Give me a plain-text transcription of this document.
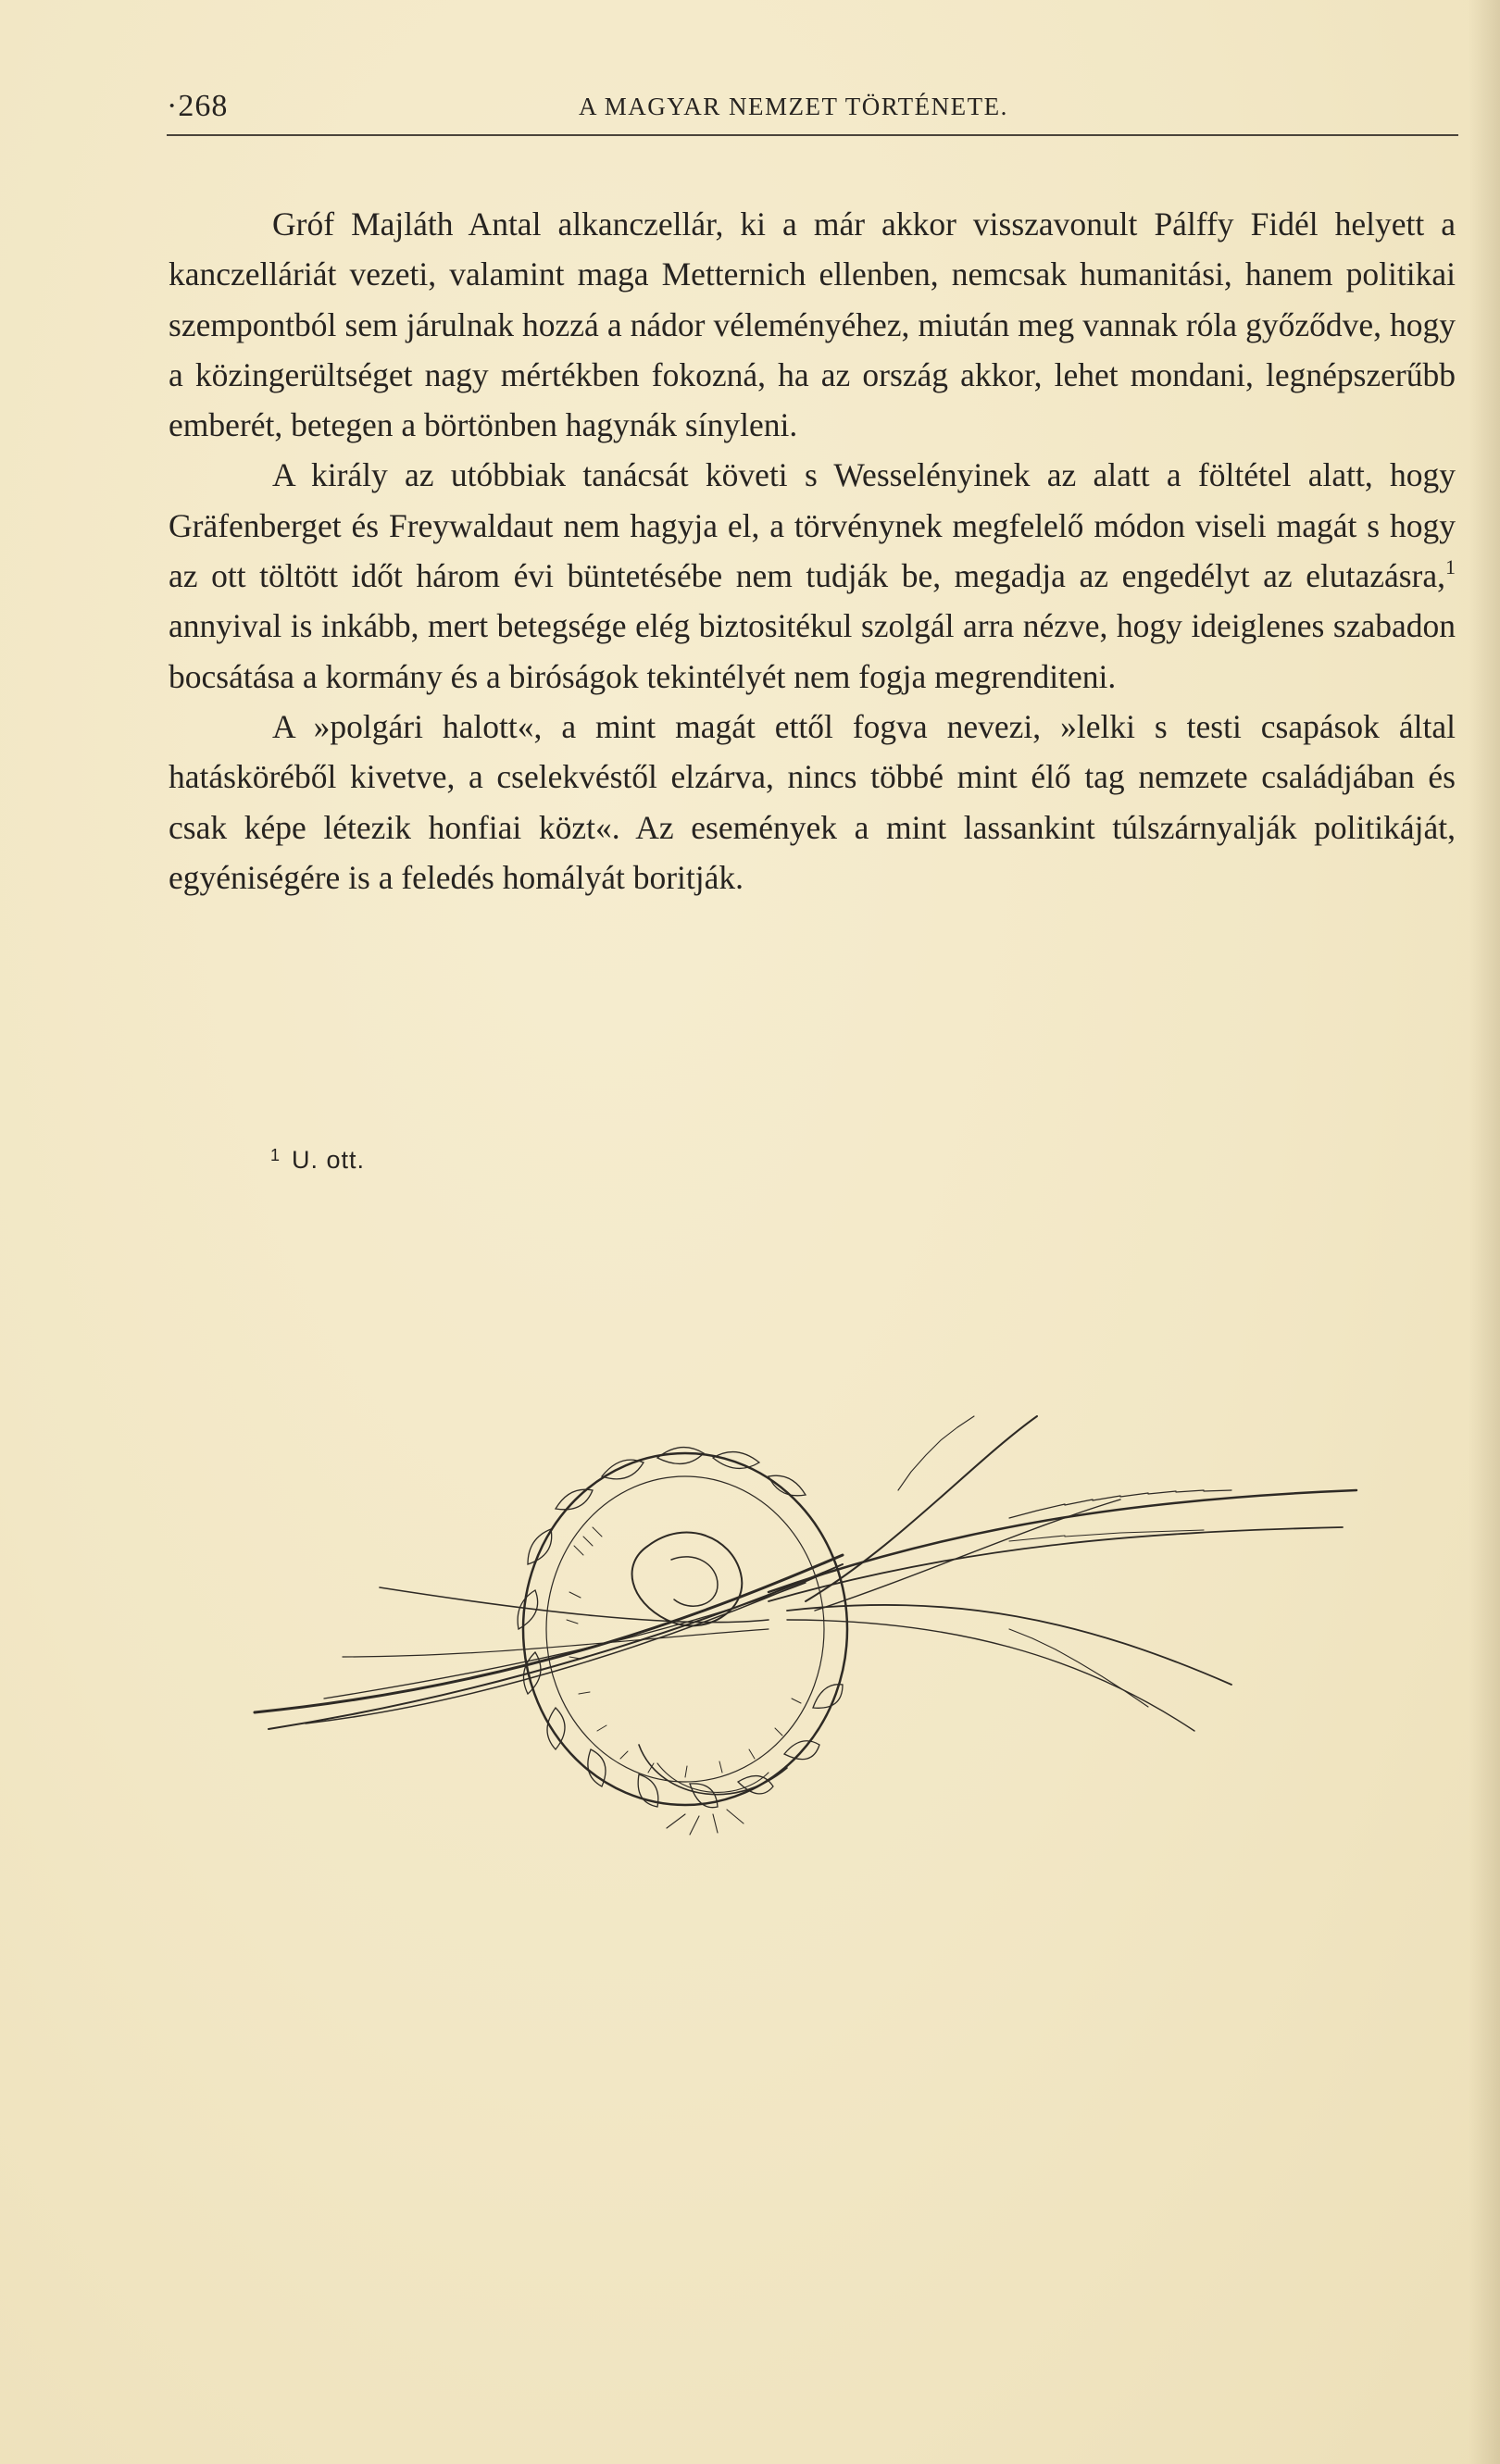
·268	A MAGYAR NEMZET TÖRTÉNETE.

Gróf Majláth Antal alkanczellár, ki a már akkor visszavonult Pálffy Fidél helyett a kanczelláriát vezeti, valamint maga Metternich ellenben, nemcsak humanitási, hanem politikai szempontból sem járulnak hozzá a nádor véleményéhez, miután meg vannak róla győződve, hogy a közingerültséget nagy mértékben fokozná, ha az ország akkor, lehet mondani, legnépszerűbb emberét, betegen a börtönben hagynák sínyleni.

A király az utóbbiak tanácsát követi s Wesselényinek az alatt a föltétel alatt, hogy Gräfenberget és Freywaldaut nem hagyja el, a törvénynek megfelelő módon viseli magát s hogy az ott töltött időt három évi büntetésébe nem tudják be, megadja az engedélyt az elutazásra,$^1$ annyival is inkább, mert betegsége elég biztositékul szolgál arra nézve, hogy ideiglenes szabadon bocsátása a kormány és a biróságok tekintélyét nem fogja megrenditeni.

A »polgári halott«, a mint magát ettől fogva nevezi, »lelki s testi csapások által hatásköréből kivetve, a cselekvéstől elzárva, nincs többé mint élő tag nemzete családjában és csak képe létezik honfiai közt«. Az események a mint lassankint túlszárnyalják politikáját, egyéniségére is a feledés homályát boritják.

$^1$ U. ott.
